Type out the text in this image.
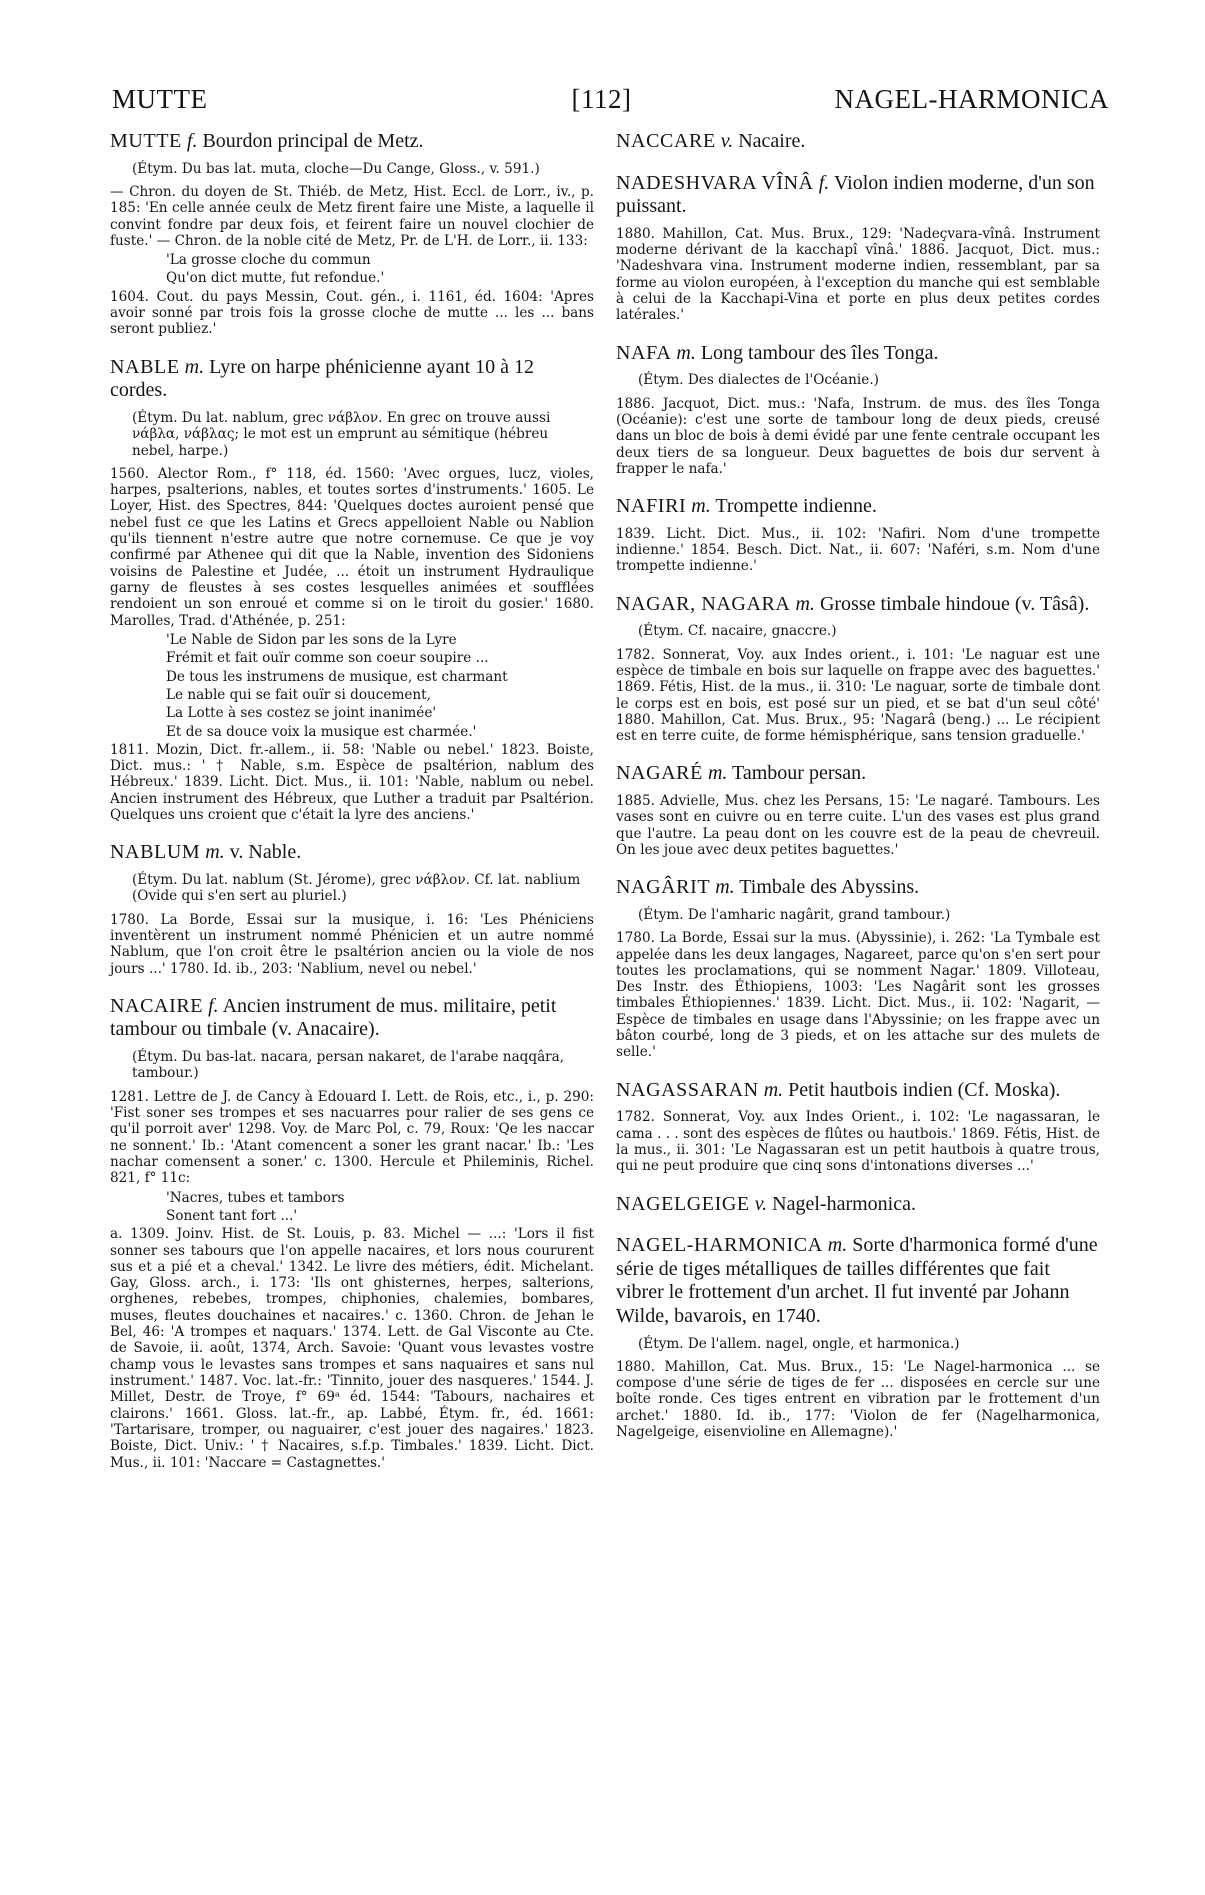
MUTTE	[112]	NAGEL-HARMONICA
MUTTE f. Bourdon principal de Metz.
(Étym. Du bas lat. muta, cloche—Du Cange, Gloss., v. 591.)
— Chron. du doyen de St. Thiéb. de Metz, Hist. Eccl. de Lorr., iv., p. 185: 'En celle année ceulx de Metz firent faire une Miste, a laquelle il convint fondre par deux fois, et feirent faire un nouvel clochier de fuste.' — Chron. de la noble cité de Metz, Pr. de L'H. de Lorr., ii. 133:
'La grosse cloche du commun
Qu'on dict mutte, fut refondue.'
1604. Cout. du pays Messin, Cout. gén., i. 1161, éd. 1604: 'Apres avoir sonné par trois fois la grosse cloche de mutte ... les ... bans seront publiez.'
NABLE m. Lyre on harpe phénicienne ayant 10 à 12 cordes.
(Étym. Du lat. nablum, grec νάβλον. En grec on trouve aussi νάβλα, νάβλας; le mot est un emprunt au sémitique (hébreu nebel, harpe.)
1560. Alector Rom., f° 118, éd. 1560: 'Avec orgues, lucz, violes, harpes, psalterions, nables, et toutes sortes d'instruments.' 1605. Le Loyer, Hist. des Spectres, 844: 'Quelques doctes auroient pensé que nebel fust ce que les Latins et Grecs appelloient Nable ou Nablion qu'ils tiennent n'estre autre que notre cornemuse. Ce que je voy confirmé par Athenee qui dit que la Nable, invention des Sidoniens voisins de Palestine et Judée, ... étoit un instrument Hydraulique garny de fleustes à ses costes lesquelles animées et soufflées rendoient un son enroué et comme si on le tiroit du gosier.' 1680. Marolles, Trad. d'Athénée, p. 251:
'Le Nable de Sidon par les sons de la Lyre
Frémit et fait ouïr comme son coeur soupire ...
De tous les instrumens de musique, est charmant
Le nable qui se fait ouïr si doucement,
La Lotte à ses costez se joint inanimée'
Et de sa douce voix la musique est charmée.'
1811. Mozin, Dict. fr.-allem., ii. 58: 'Nable ou nebel.' 1823. Boiste, Dict. mus.: ' † Nable, s.m. Espèce de psaltérion, nablum des Hébreux.' 1839. Licht. Dict. Mus., ii. 101: 'Nable, nablum ou nebel. Ancien instrument des Hébreux, que Luther a traduit par Psaltérion. Quelques uns croient que c'était la lyre des anciens.'
NABLUM m. v. Nable.
(Étym. Du lat. nablum (St. Jérome), grec νάβλον. Cf. lat. nablium (Ovide qui s'en sert au pluriel.)
1780. La Borde, Essai sur la musique, i. 16: 'Les Phéniciens inventèrent un instrument nommé Phénicien et un autre nommé Nablum, que l'on croit être le psaltérion ancien ou la viole de nos jours ...' 1780. Id. ib., 203: 'Nablium, nevel ou nebel.'
NACAIRE f. Ancien instrument de mus. militaire, petit tambour ou timbale (v. Anacaire).
(Étym. Du bas-lat. nacara, persan nakaret, de l'arabe naqqâra, tambour.)
1281. Lettre de J. de Cancy à Edouard I. Lett. de Rois, etc., i., p. 290: 'Fist soner ses trompes et ses nacuarres pour ralier de ses gens ce qu'il porroit aver' 1298. Voy. de Marc Pol, c. 79, Roux: 'Qe les naccar ne sonnent.' Ib.: 'Atant comencent a soner les grant nacar.' Ib.: 'Les nachar comensent a soner.' c. 1300. Hercule et Phileminis, Richel. 821, f° 11c:
'Nacres, tubes et tambors
Sonent tant fort ...'
a. 1309. Joinv. Hist. de St. Louis, p. 83. Michel — ...: 'Lors il fist sonner ses tabours que l'on appelle nacaires, et lors nous coururent sus et a pié et a cheval.' 1342. Le livre des métiers, édit. Michelant. Gay, Gloss. arch., i. 173: 'Ils ont ghisternes, herpes, salterions, orghenes, rebebes, trompes, chiphonies, chalemies, bombares, muses, fleutes douchaines et nacaires.' c. 1360. Chron. de Jehan le Bel, 46: 'A trompes et naquars.' 1374. Lett. de Gal Visconte au Cte. de Savoie, ii. août, 1374, Arch. Savoie: 'Quant vous levastes vostre champ vous le levastes sans trompes et sans naquaires et sans nul instrument.' 1487. Voc. lat.-fr.: 'Tinnito, jouer des nasqueres.' 1544. J. Millet, Destr. de Troye, f° 69ᵃ éd. 1544: 'Tabours, nachaires et clairons.' 1661. Gloss. lat.-fr., ap. Labbé, Étym. fr., éd. 1661: 'Tartarisare, tromper, ou naguairer, c'est jouer des nagaires.' 1823. Boiste, Dict. Univ.: ' † Nacaires, s.f.p. Timbales.' 1839. Licht. Dict. Mus., ii. 101: 'Naccare = Castagnettes.'
NACCARE v. Nacaire.
NADESHVARA VÎNÂ f. Violon indien moderne, d'un son puissant.
1880. Mahillon, Cat. Mus. Brux., 129: 'Nadeçvara-vînâ. Instrument moderne dérivant de la kacchapî vînâ.' 1886. Jacquot, Dict. mus.: 'Nadeshvara vina. Instrument moderne indien, ressemblant, par sa forme au violon européen, à l'exception du manche qui est semblable à celui de la Kacchapi-Vina et porte en plus deux petites cordes latérales.'
NAFA m. Long tambour des îles Tonga.
(Étym. Des dialectes de l'Océanie.)
1886. Jacquot, Dict. mus.: 'Nafa, Instrum. de mus. des îles Tonga (Océanie): c'est une sorte de tambour long de deux pieds, creusé dans un bloc de bois à demi évidé par une fente centrale occupant les deux tiers de sa longueur. Deux baguettes de bois dur servent à frapper le nafa.'
NAFIRI m. Trompette indienne.
1839. Licht. Dict. Mus., ii. 102: 'Nafiri. Nom d'une trompette indienne.' 1854. Besch. Dict. Nat., ii. 607: 'Naféri, s.m. Nom d'une trompette indienne.'
NAGAR, NAGARA m. Grosse timbale hindoue (v. Tâsâ).
(Étym. Cf. nacaire, gnaccre.)
1782. Sonnerat, Voy. aux Indes orient., i. 101: 'Le naguar est une espèce de timbale en bois sur laquelle on frappe avec des baguettes.' 1869. Fétis, Hist. de la mus., ii. 310: 'Le naguar, sorte de timbale dont le corps est en bois, est posé sur un pied, et se bat d'un seul côté' 1880. Mahillon, Cat. Mus. Brux., 95: 'Nagarâ (beng.) ... Le récipient est en terre cuite, de forme hémisphérique, sans tension graduelle.'
NAGARÉ m. Tambour persan.
1885. Advielle, Mus. chez les Persans, 15: 'Le nagaré. Tambours. Les vases sont en cuivre ou en terre cuite. L'un des vases est plus grand que l'autre. La peau dont on les couvre est de la peau de chevreuil. On les joue avec deux petites baguettes.'
NAGÂRIT m. Timbale des Abyssins.
(Étym. De l'amharic nagârit, grand tambour.)
1780. La Borde, Essai sur la mus. (Abyssinie), i. 262: 'La Tymbale est appelée dans les deux langages, Nagareet, parce qu'on s'en sert pour toutes les proclamations, qui se nomment Nagar.' 1809. Villoteau, Des Instr. des Éthiopiens, 1003: 'Les Nagârit sont les grosses timbales Éthiopiennes.' 1839. Licht. Dict. Mus., ii. 102: 'Nagarit, — Espèce de timbales en usage dans l'Abyssinie; on les frappe avec un bâton courbé, long de 3 pieds, et on les attache sur des mulets de selle.'
NAGASSARAN m. Petit hautbois indien (Cf. Moska).
1782. Sonnerat, Voy. aux Indes Orient., i. 102: 'Le nagassaran, le cama . . . sont des espèces de flûtes ou hautbois.' 1869. Fétis, Hist. de la mus., ii. 301: 'Le Nagassaran est un petit hautbois à quatre trous, qui ne peut produire que cinq sons d'intonations diverses ...'
NAGELGEIGE v. Nagel-harmonica.
NAGEL-HARMONICA m. Sorte d'harmonica formé d'une série de tiges métalliques de tailles différentes que fait vibrer le frottement d'un archet. Il fut inventé par Johann Wilde, bavarois, en 1740.
(Étym. De l'allem. nagel, ongle, et harmonica.)
1880. Mahillon, Cat. Mus. Brux., 15: 'Le Nagel-harmonica ... se compose d'une série de tiges de fer ... disposées en cercle sur une boîte ronde. Ces tiges entrent en vibration par le frottement d'un archet.' 1880. Id. ib., 177: 'Violon de fer (Nagelharmonica, Nagelgeige, eisenvioline en Allemagne).'
